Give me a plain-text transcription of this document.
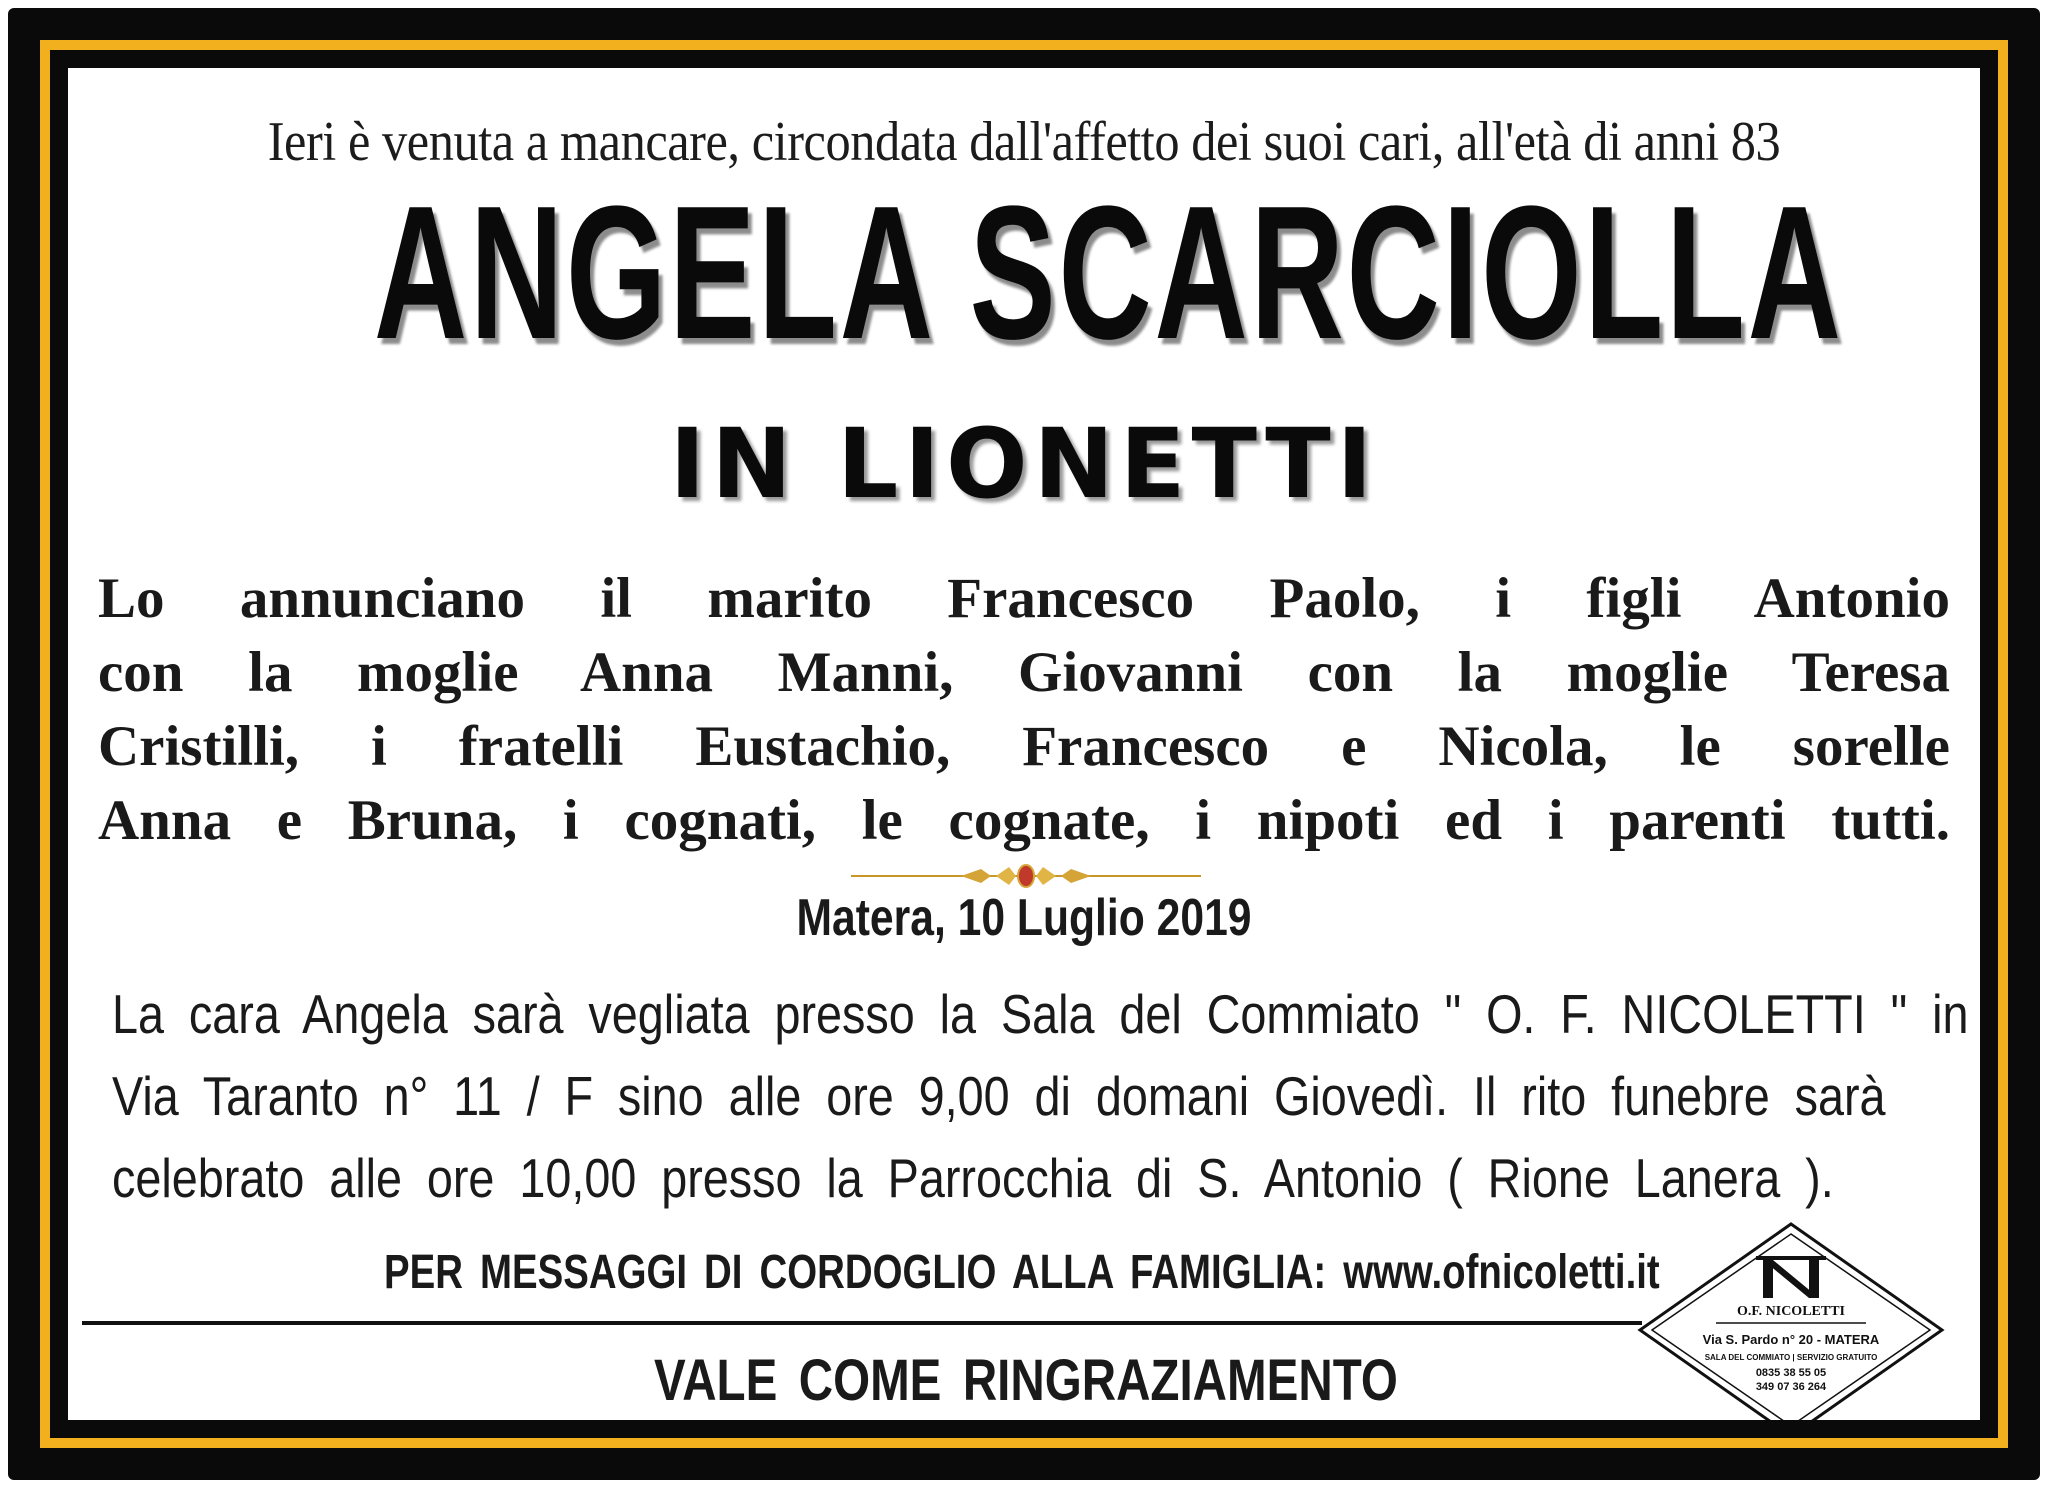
Ieri è venuta a mancare, circondata dall'affetto dei suoi cari, all'età di anni 83
ANGELA SCARCIOLLA
IN LIONETTI
Lo annunciano il marito Francesco Paolo, i figli Antonio
con la moglie Anna Manni, Giovanni con la moglie Teresa
Cristilli, i fratelli Eustachio, Francesco e Nicola, le sorelle
Anna e Bruna, i cognati, le cognate, i nipoti ed i parenti tutti.
Matera, 10 Luglio 2019
La cara Angela sarà vegliata presso la Sala del Commiato " O. F. NICOLETTI " in
Via Taranto n° 11 / F sino alle ore 9,00 di domani Giovedì. Il rito funebre sarà
celebrato alle ore 10,00 presso la Parrocchia di S. Antonio ( Rione Lanera ).
PER MESSAGGI DI CORDOGLIO ALLA FAMIGLIA: www.ofnicoletti.it
VALE COME RINGRAZIAMENTO
O.F. NICOLETTI
Via S. Pardo n° 20 - MATERA
SALA DEL COMMIATO | SERVIZIO GRATUITO
0835 38 55 05
349 07 36 264
